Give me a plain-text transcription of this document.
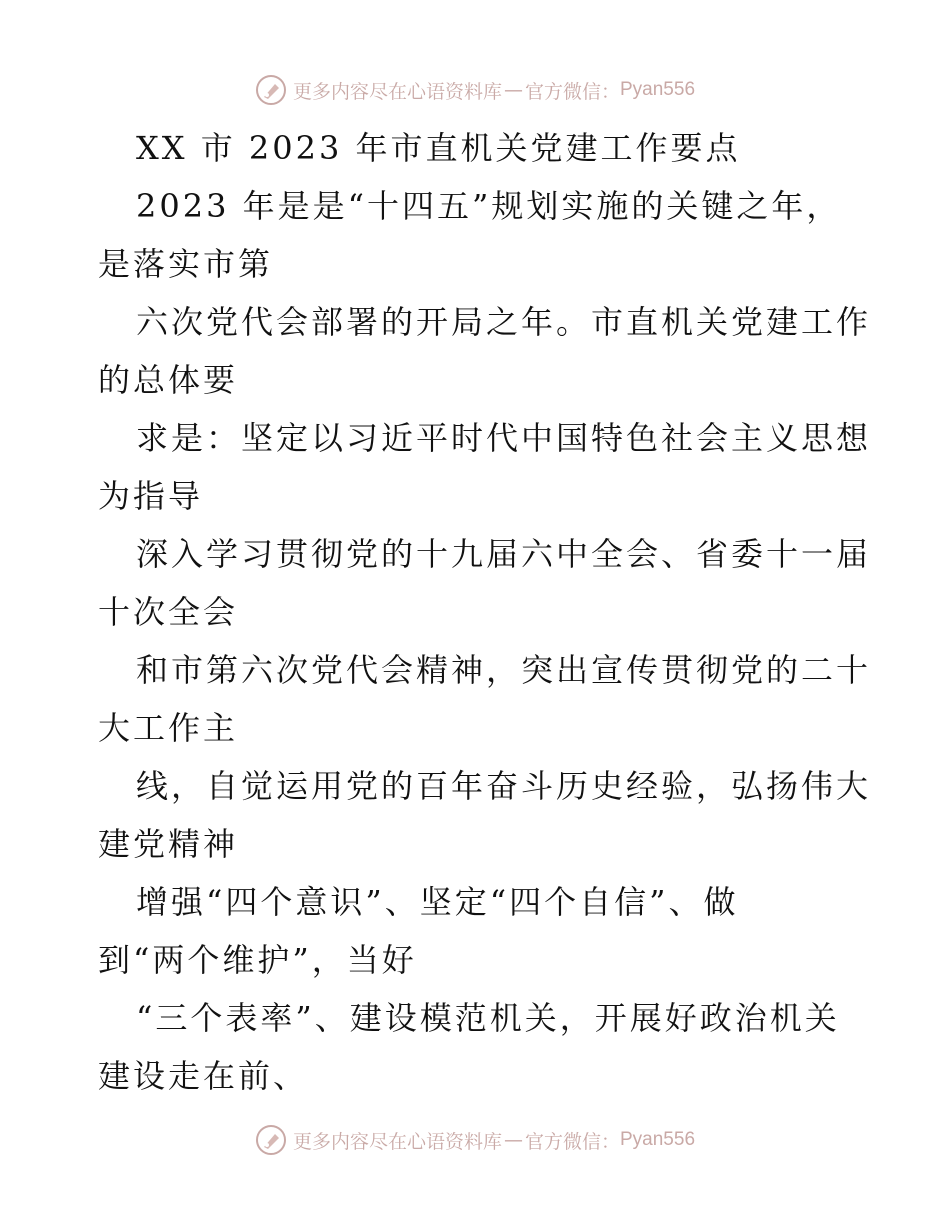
更多内容尽在心语资料库 — 官方微信： Pyan556
XX 市 2023 年市直机关党建工作要点
2023 年是是“十四五”规划实施的关键之年，
是落实市第
六次党代会部署的开局之年。市直机关党建工作
的总体要
求是：坚定以习近平时代中国特色社会主义思想
为指导
深入学习贯彻党的十九届六中全会、省委十一届
十次全会
和市第六次党代会精神，突出宣传贯彻党的二十
大工作主
线，自觉运用党的百年奋斗历史经验，弘扬伟大
建党精神
增强“四个意识”、坚定“四个自信”、做
到“两个维护”，当好
“三个表率”、建设模范机关，开展好政治机关
建设走在前、
更多内容尽在心语资料库 — 官方微信： Pyan556
